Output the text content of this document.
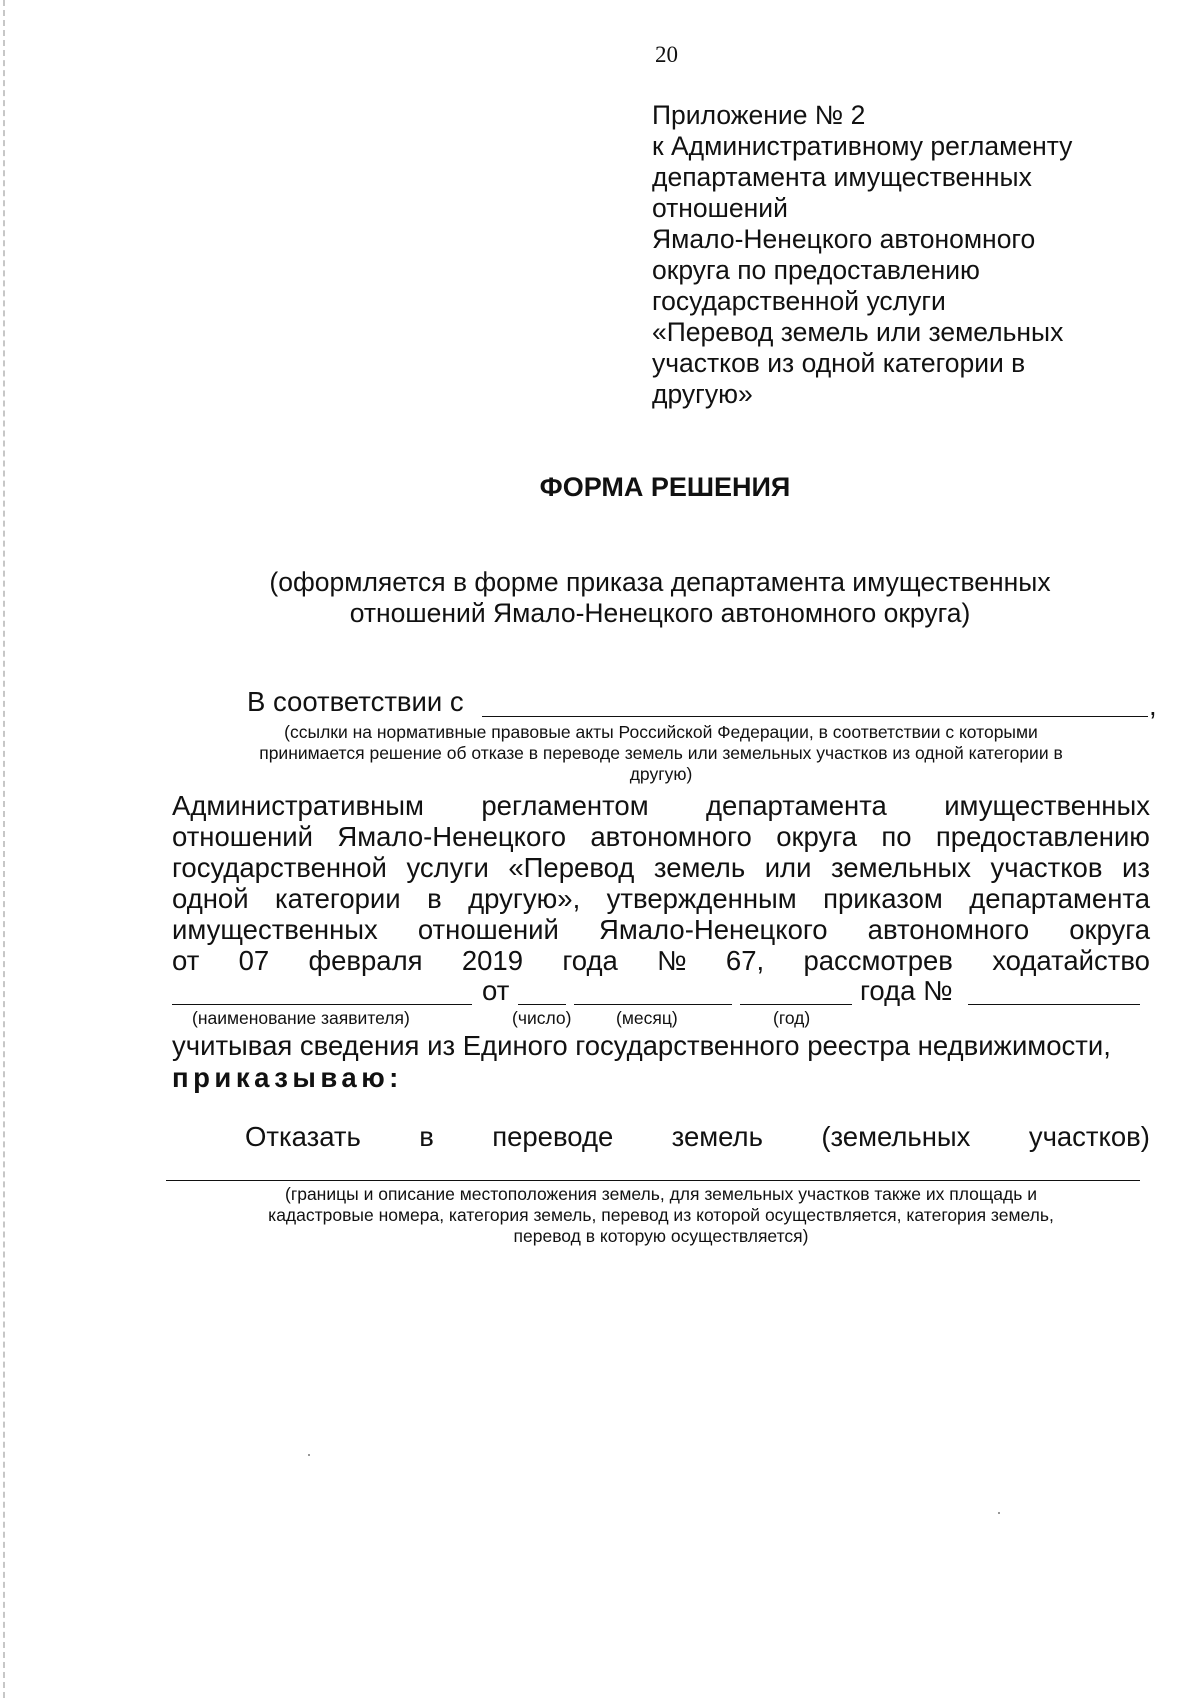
20
Приложение № 2
к Административному регламенту
департамента имущественных
отношений
Ямало-Ненецкого автономного
округа по предоставлению
государственной услуги
«Перевод земель или земельных
участков из одной категории в
другую»
ФОРМА РЕШЕНИЯ
(оформляется в форме приказа департамента имущественных
отношений Ямало-Ненецкого автономного округа)
В соответствии с	,
(ссылки на нормативные правовые акты Российской Федерации, в соответствии с которыми
принимается решение об отказе в переводе земель или земельных участков из одной категории в
другую)
Административным регламентом департамента имущественных
отношений Ямало-Ненецкого автономного округа по предоставлению
государственной услуги «Перевод земель или земельных участков из
одной категории в другую», утвержденным приказом департамента
имущественных отношений Ямало-Ненецкого автономного округа
от 07 февраля 2019 года № 67, рассмотрев ходатайство
от	года №
(наименование заявителя)	(число)	(месяц)	(год)
учитывая сведения из Единого государственного реестра недвижимости,
приказываю:
Отказать в переводе земель (земельных участков)
(границы и описание местоположения земель, для земельных участков также их площадь и
кадастровые номера, категория земель, перевод из которой осуществляется, категория земель,
перевод в которую осуществляется)
